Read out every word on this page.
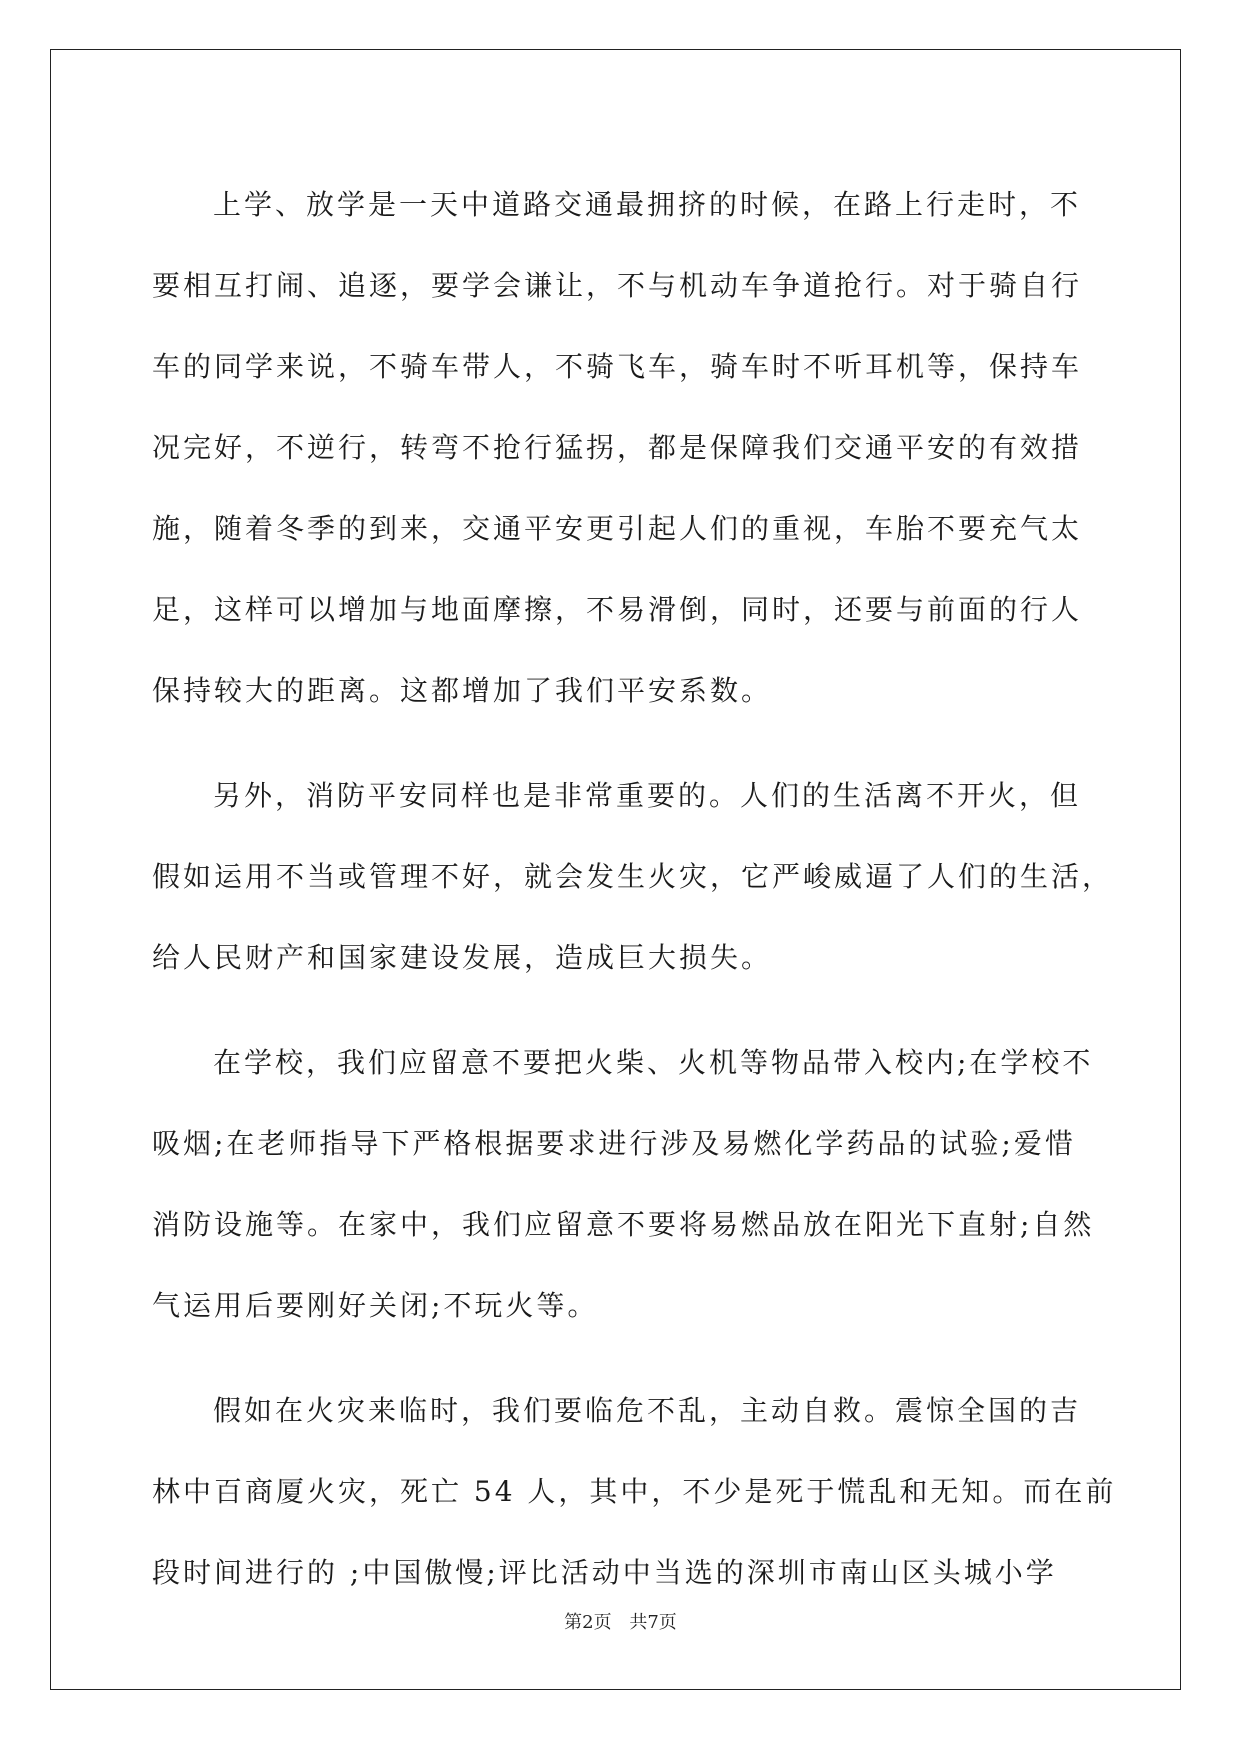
上学、放学是一天中道路交通最拥挤的时候，在路上行走时，不
要相互打闹、追逐，要学会谦让，不与机动车争道抢行。对于骑自行
车的同学来说，不骑车带人，不骑飞车，骑车时不听耳机等，保持车
况完好，不逆行，转弯不抢行猛拐，都是保障我们交通平安的有效措
施，随着冬季的到来，交通平安更引起人们的重视，车胎不要充气太
足，这样可以增加与地面摩擦，不易滑倒，同时，还要与前面的行人
保持较大的距离。这都增加了我们平安系数。
另外，消防平安同样也是非常重要的。人们的生活离不开火，但
假如运用不当或管理不好，就会发生火灾，它严峻威逼了人们的生活，
给人民财产和国家建设发展，造成巨大损失。
在学校，我们应留意不要把火柴、火机等物品带入校内;在学校不
吸烟;在老师指导下严格根据要求进行涉及易燃化学药品的试验;爱惜
消防设施等。在家中，我们应留意不要将易燃品放在阳光下直射;自然
气运用后要刚好关闭;不玩火等。
假如在火灾来临时，我们要临危不乱，主动自救。震惊全国的吉
林中百商厦火灾，死亡 54 人，其中，不少是死于慌乱和无知。而在前
段时间进行的 ;中国傲慢;评比活动中当选的深圳市南山区头城小学
第2页 共7页
